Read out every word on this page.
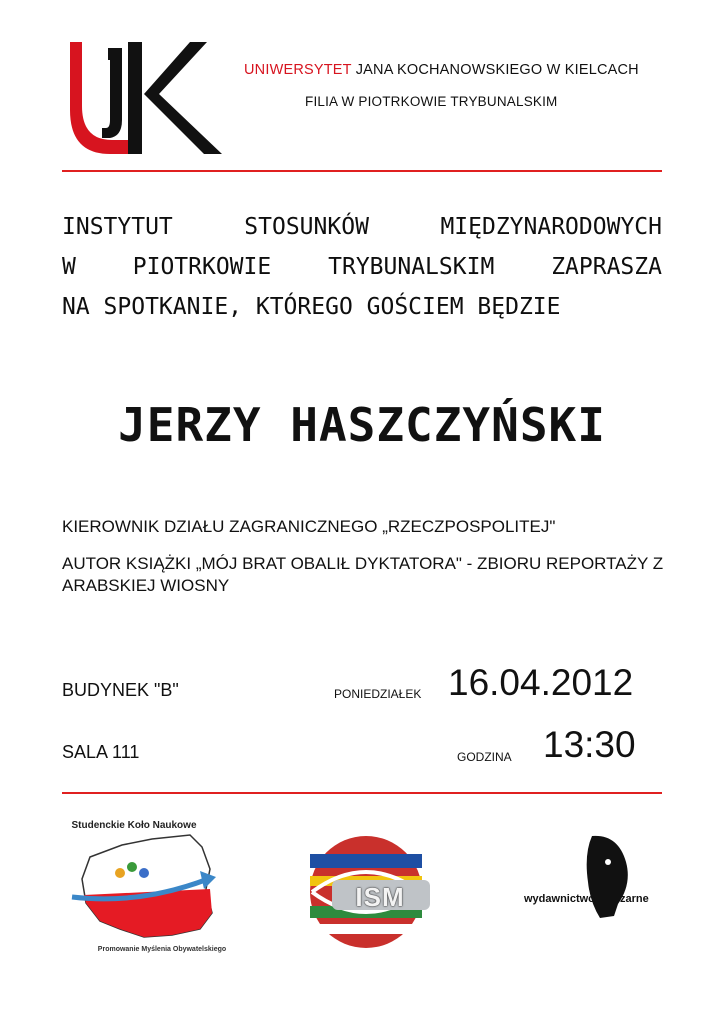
UNIWERSYTET JANA KOCHANOWSKIEGO W KIELCACH
FILIA W PIOTRKOWIE TRYBUNALSKIM
INSTYTUT	STOSUNKÓW	MIĘDZYNARODOWYCH
W PIOTRKOWIE TRYBUNALSKIM ZAPRASZA
NA SPOTKANIE, KTÓREGO GOŚCIEM BĘDZIE
JERZY HASZCZYŃSKI
KIEROWNIK DZIAŁU ZAGRANICZNEGO „RZECZPOSPOLITEJ"
AUTOR KSIĄŻKI „MÓJ BRAT OBALIŁ DYKTATORA" - ZBIORU REPORTAŻY Z ARABSKIEJ WIOSNY
BUDYNEK "B"
SALA 111
PONIEDZIAŁEK 16.04.2012
GODZINA 13:30
Studenckie Koło Naukowe
Promowanie Myślenia Obywatelskiego
ISM	wydawnictwo zarne
